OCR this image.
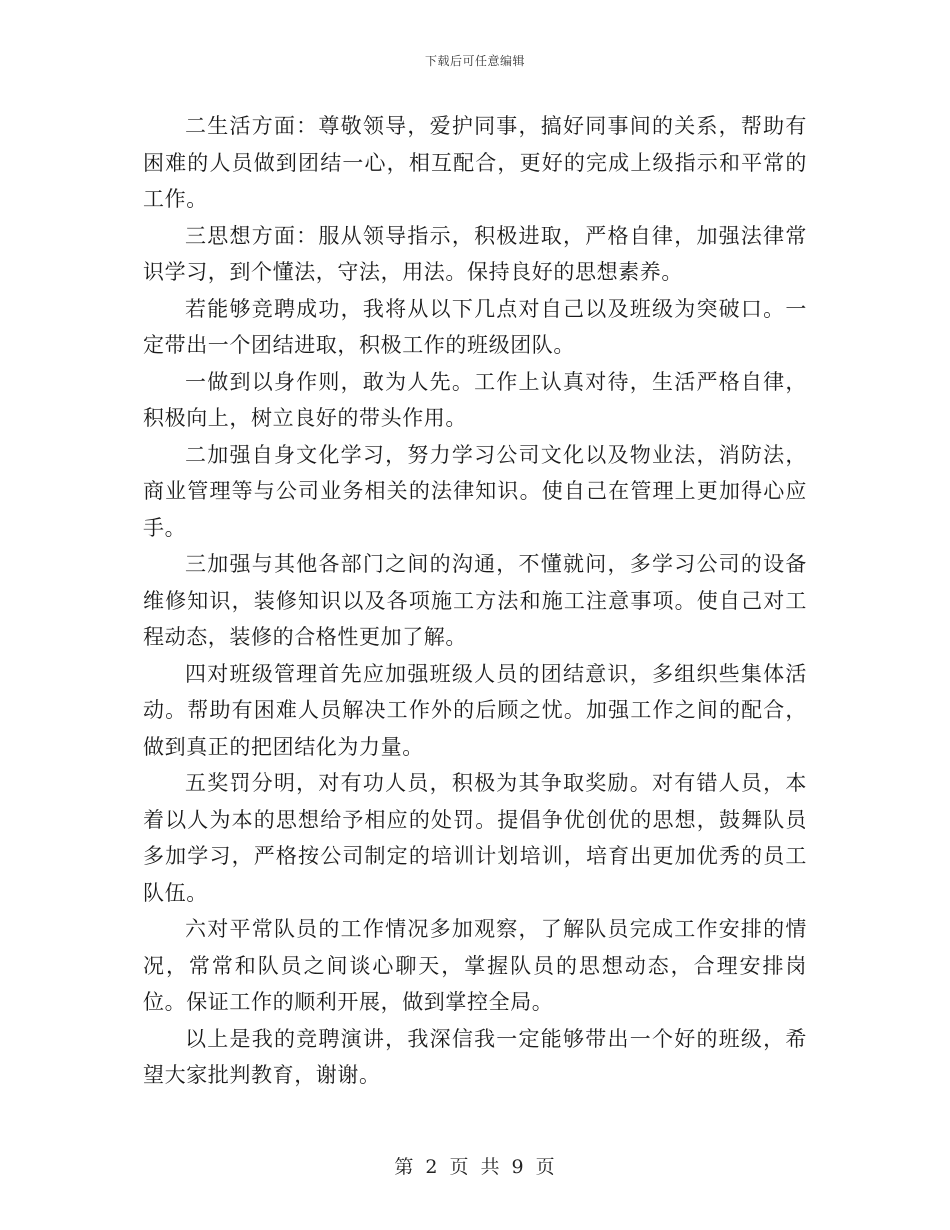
下载后可任意编辑

二生活方面：尊敬领导，爱护同事，搞好同事间的关系，帮助有困难的人员做到团结一心，相互配合，更好的完成上级指示和平常的工作。

三思想方面：服从领导指示，积极进取，严格自律，加强法律常识学习，到个懂法，守法，用法。保持良好的思想素养。

若能够竞聘成功，我将从以下几点对自己以及班级为突破口。一定带出一个团结进取，积极工作的班级团队。

一做到以身作则，敢为人先。工作上认真对待，生活严格自律，积极向上，树立良好的带头作用。

二加强自身文化学习，努力学习公司文化以及物业法，消防法，商业管理等与公司业务相关的法律知识。使自己在管理上更加得心应手。

三加强与其他各部门之间的沟通，不懂就问，多学习公司的设备维修知识，装修知识以及各项施工方法和施工注意事项。使自己对工程动态，装修的合格性更加了解。

四对班级管理首先应加强班级人员的团结意识，多组织些集体活动。帮助有困难人员解决工作外的后顾之忧。加强工作之间的配合，做到真正的把团结化为力量。

五奖罚分明，对有功人员，积极为其争取奖励。对有错人员，本着以人为本的思想给予相应的处罚。提倡争优创优的思想，鼓舞队员多加学习，严格按公司制定的培训计划培训，培育出更加优秀的员工队伍。

六对平常队员的工作情况多加观察，了解队员完成工作安排的情况，常常和队员之间谈心聊天，掌握队员的思想动态，合理安排岗位。保证工作的顺利开展，做到掌控全局。

以上是我的竞聘演讲，我深信我一定能够带出一个好的班级，希望大家批判教育，谢谢。

第 2 页 共 9 页
